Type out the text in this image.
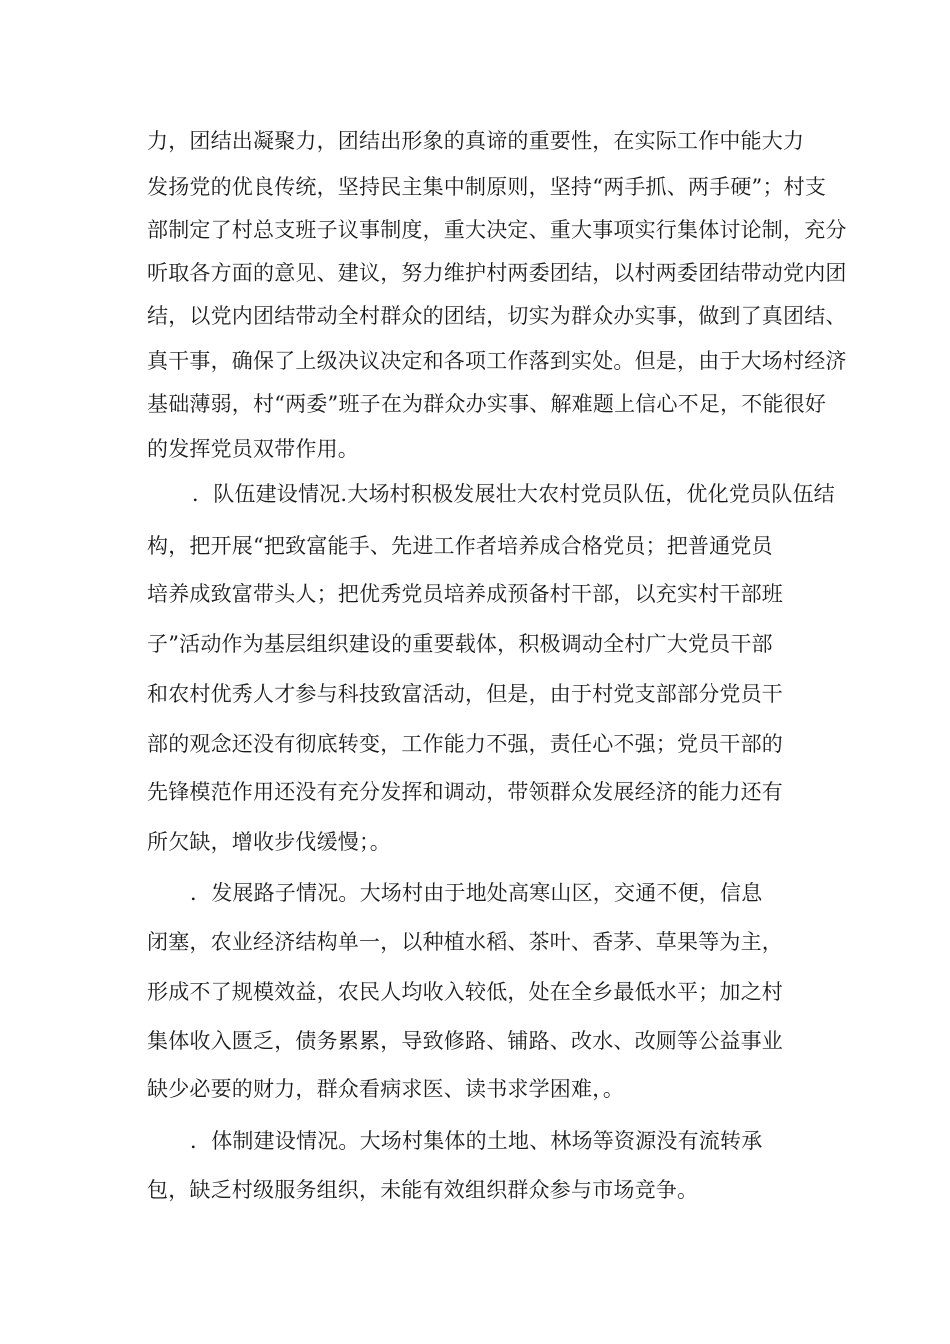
力，团结出凝聚力，团结出形象的真谛的重要性，在实际工作中能大力
发扬党的优良传统，坚持民主集中制原则，坚持“两手抓、两手硬”；村支
部制定了村总支班子议事制度，重大决定、重大事项实行集体讨论制，充分
听取各方面的意见、建议，努力维护村两委团结，以村两委团结带动党内团
结，以党内团结带动全村群众的团结，切实为群众办实事，做到了真团结、
真干事，确保了上级决议决定和各项工作落到实处。但是，由于大场村经济
基础薄弱，村“两委”班子在为群众办实事、解难题上信心不足，不能很好
的发挥党员双带作用。
．队伍建设情况.大场村积极发展壮大农村党员队伍，优化党员队伍结
构，把开展“把致富能手、先进工作者培养成合格党员；把普通党员
培养成致富带头人；把优秀党员培养成预备村干部，以充实村干部班
子”活动作为基层组织建设的重要载体，积极调动全村广大党员干部
和农村优秀人才参与科技致富活动，但是，由于村党支部部分党员干
部的观念还没有彻底转变，工作能力不强，责任心不强；党员干部的
先锋模范作用还没有充分发挥和调动，带领群众发展经济的能力还有
所欠缺，增收步伐缓慢；。
．发展路子情况。大场村由于地处高寒山区，交通不便，信息
闭塞，农业经济结构单一，以种植水稻、茶叶、香茅、草果等为主，
形成不了规模效益，农民人均收入较低，处在全乡最低水平；加之村
集体收入匮乏，债务累累，导致修路、铺路、改水、改厕等公益事业
缺少必要的财力，群众看病求医、读书求学困难，。
．体制建设情况。大场村集体的土地、林场等资源没有流转承
包，缺乏村级服务组织，未能有效组织群众参与市场竞争。
